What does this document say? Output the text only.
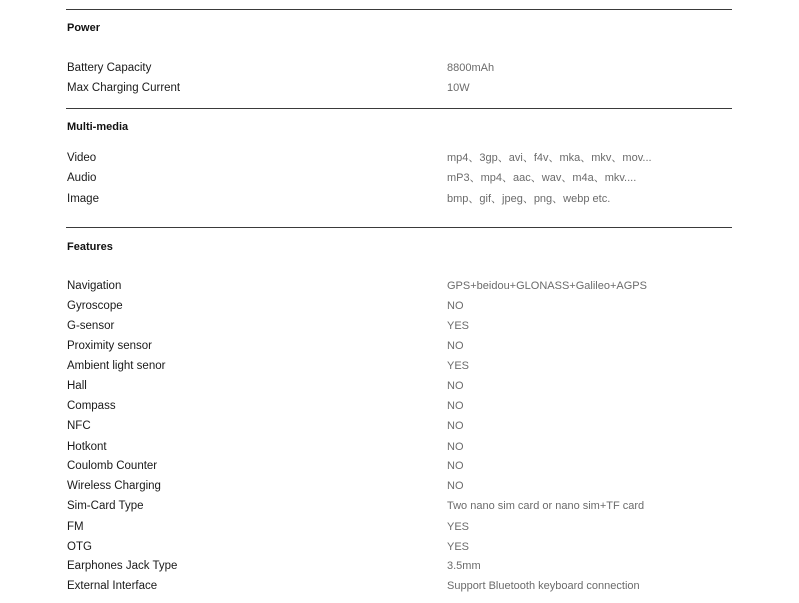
Power
Battery Capacity	8800mAh
Max Charging Current	10W
Multi-media
Video	mp4、3gp、avi、f4v、mka、mkv、mov...
Audio	mP3、mp4、aac、wav、m4a、mkv....
Image	bmp、gif、jpeg、png、webp etc.
Features
Navigation	GPS+beidou+GLONASS+Galileo+AGPS
Gyroscope	NO
G-sensor	YES
Proximity sensor	NO
Ambient light senor	YES
Hall	NO
Compass	NO
NFC	NO
Hotkont	NO
Coulomb Counter	NO
Wireless Charging	NO
Sim-Card Type	Two nano sim card or nano sim+TF card
FM	YES
OTG	YES
Earphones Jack Type	3.5mm
External Interface	Support Bluetooth keyboard connection
